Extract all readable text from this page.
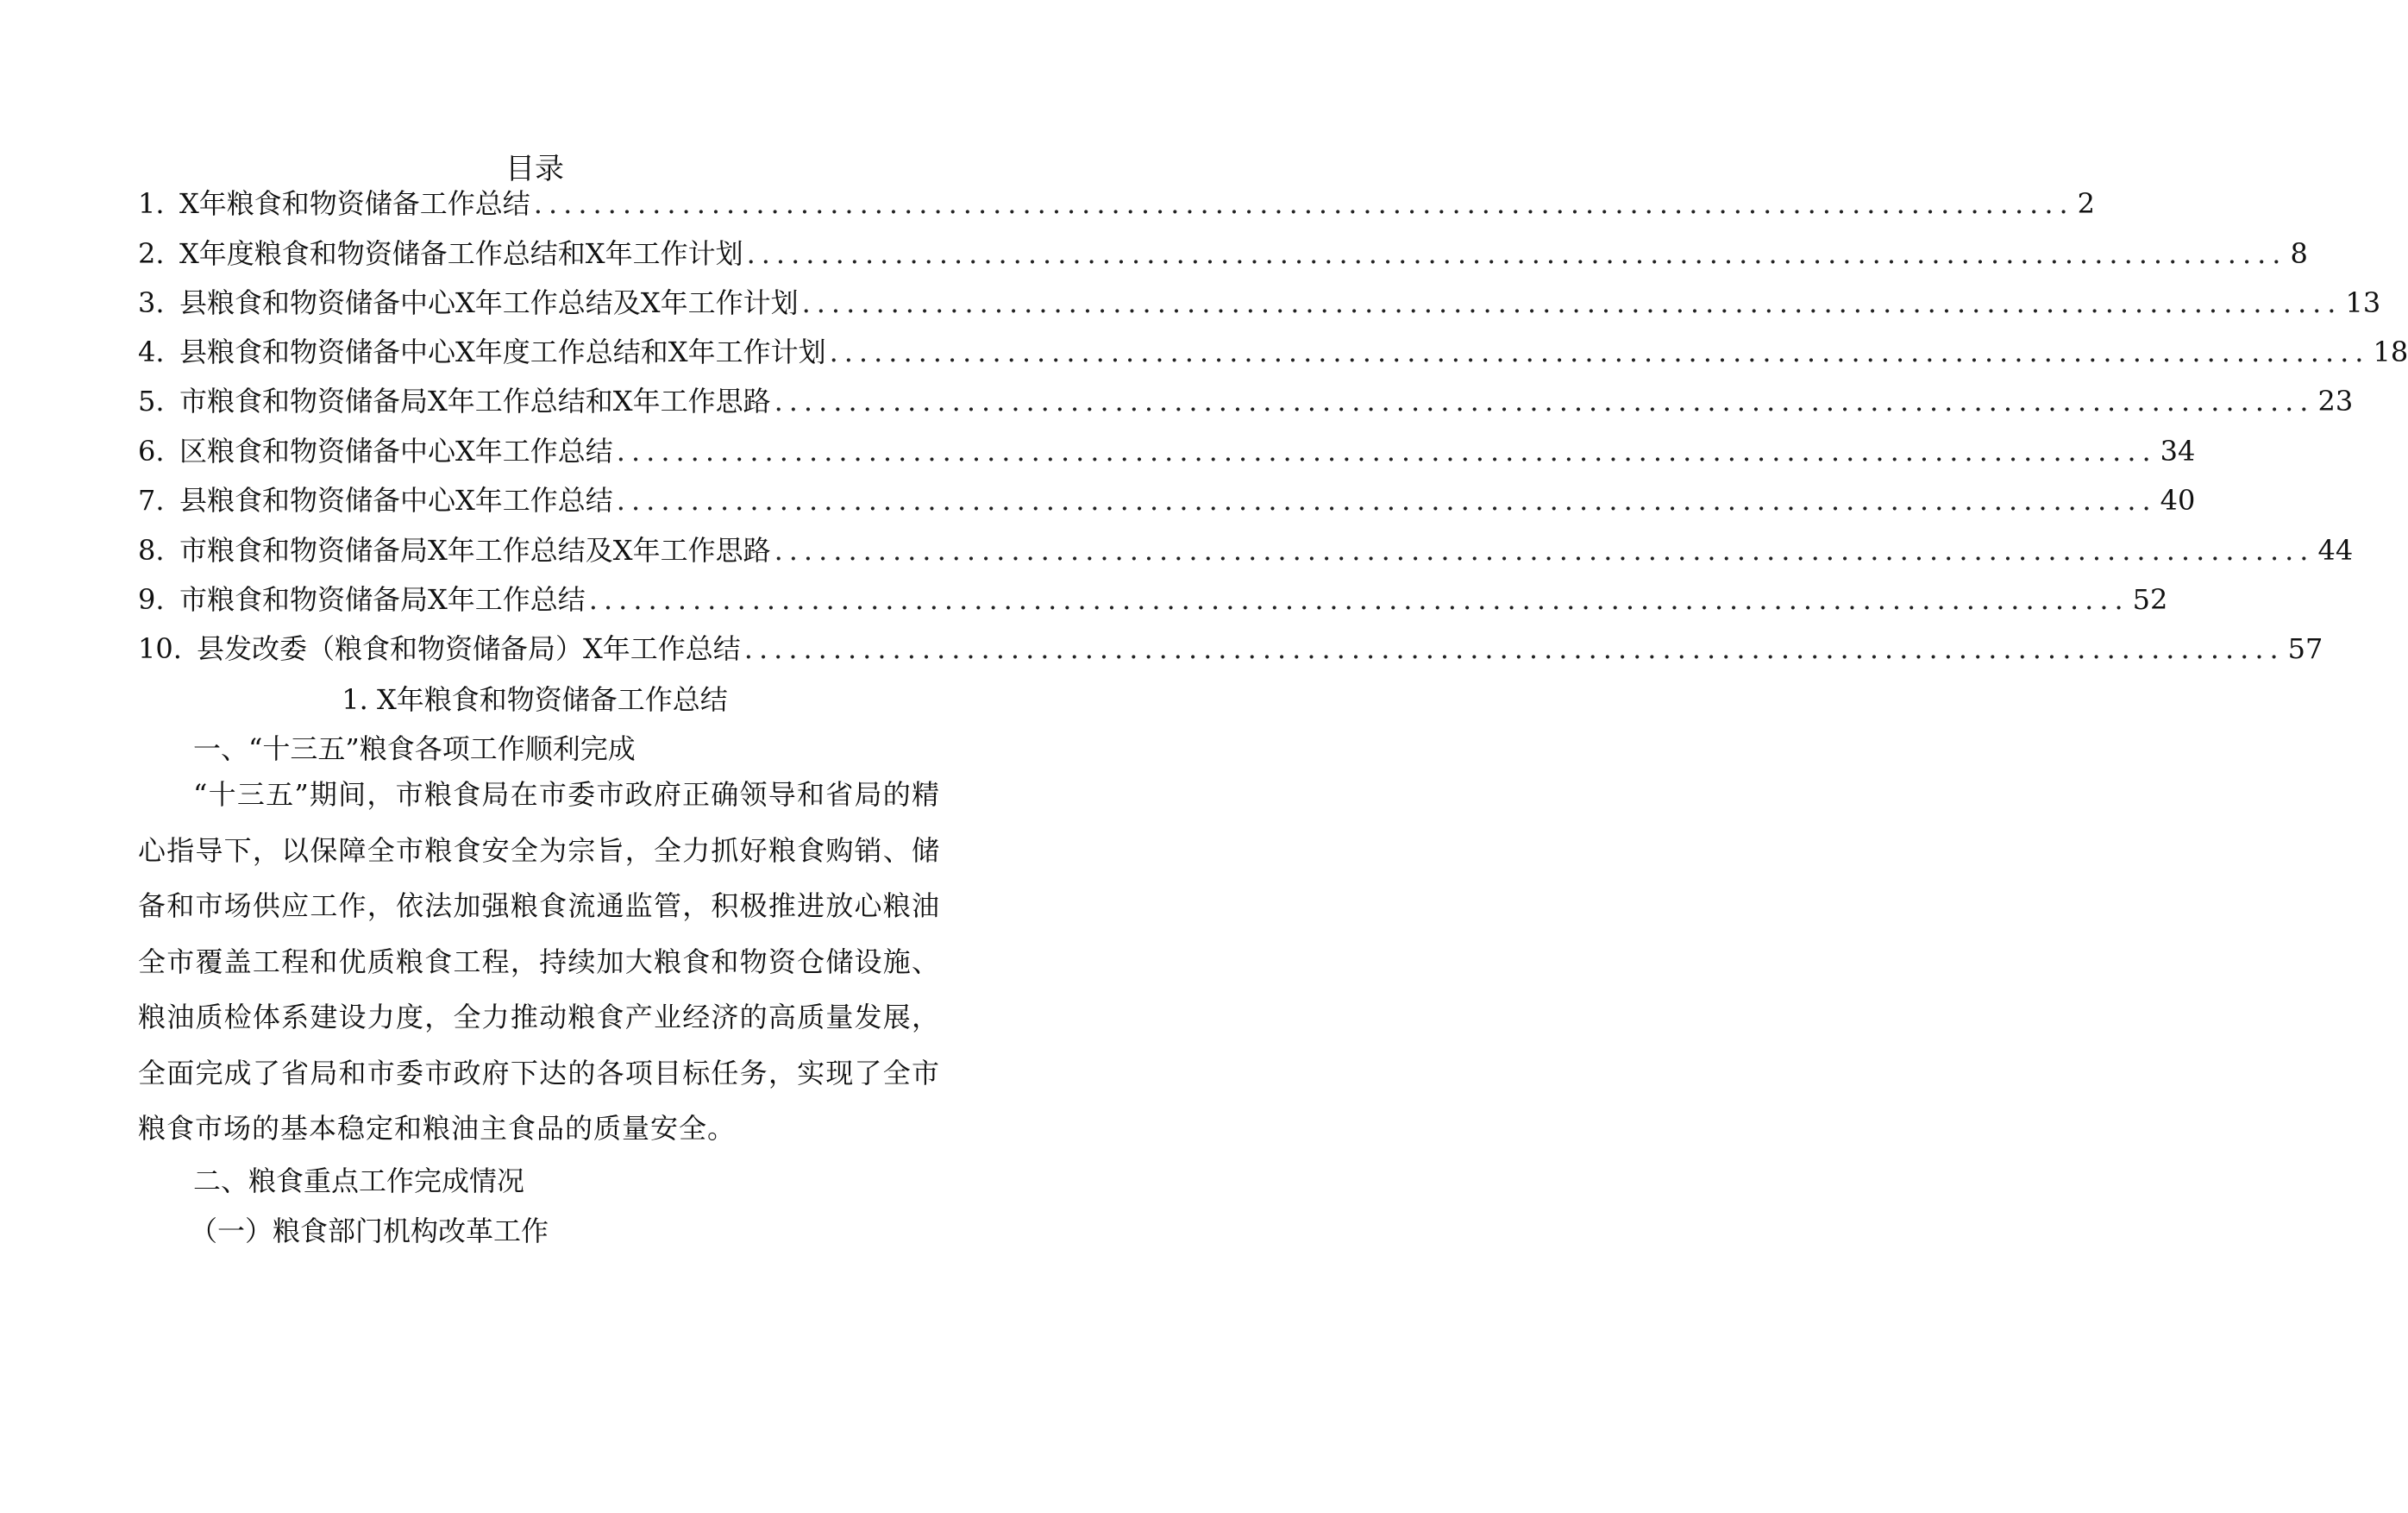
目录
1. X年粮食和物资储备工作总结 ........................................................................................................ 2
2. X年度粮食和物资储备工作总结和X年工作计划 ........................................................................................................ 8
3. 县粮食和物资储备中心X年工作总结及X年工作计划 ........................................................................................................ 13
4. 县粮食和物资储备中心X年度工作总结和X年工作计划 ........................................................................................................ 18
5. 市粮食和物资储备局X年工作总结和X年工作思路 ........................................................................................................ 23
6. 区粮食和物资储备中心X年工作总结 ........................................................................................................ 34
7. 县粮食和物资储备中心X年工作总结 ........................................................................................................ 40
8. 市粮食和物资储备局X年工作总结及X年工作思路 ........................................................................................................ 44
9. 市粮食和物资储备局X年工作总结 ........................................................................................................ 52
10. 县发改委（粮食和物资储备局）X年工作总结 ........................................................................................................ 57
1. X年粮食和物资储备工作总结
一、“十三五”粮食各项工作顺利完成
“十三五”期间，市粮食局在市委市政府正确领导和省局的精心指导下，以保障全市粮食安全为宗旨，全力抓好粮食购销、储备和市场供应工作，依法加强粮食流通监管，积极推进放心粮油全市覆盖工程和优质粮食工程，持续加大粮食和物资仓储设施、粮油质检体系建设力度，全力推动粮食产业经济的高质量发展，全面完成了省局和市委市政府下达的各项目标任务，实现了全市粮食市场的基本稳定和粮油主食品的质量安全。
二、粮食重点工作完成情况
（一）粮食部门机构改革工作
